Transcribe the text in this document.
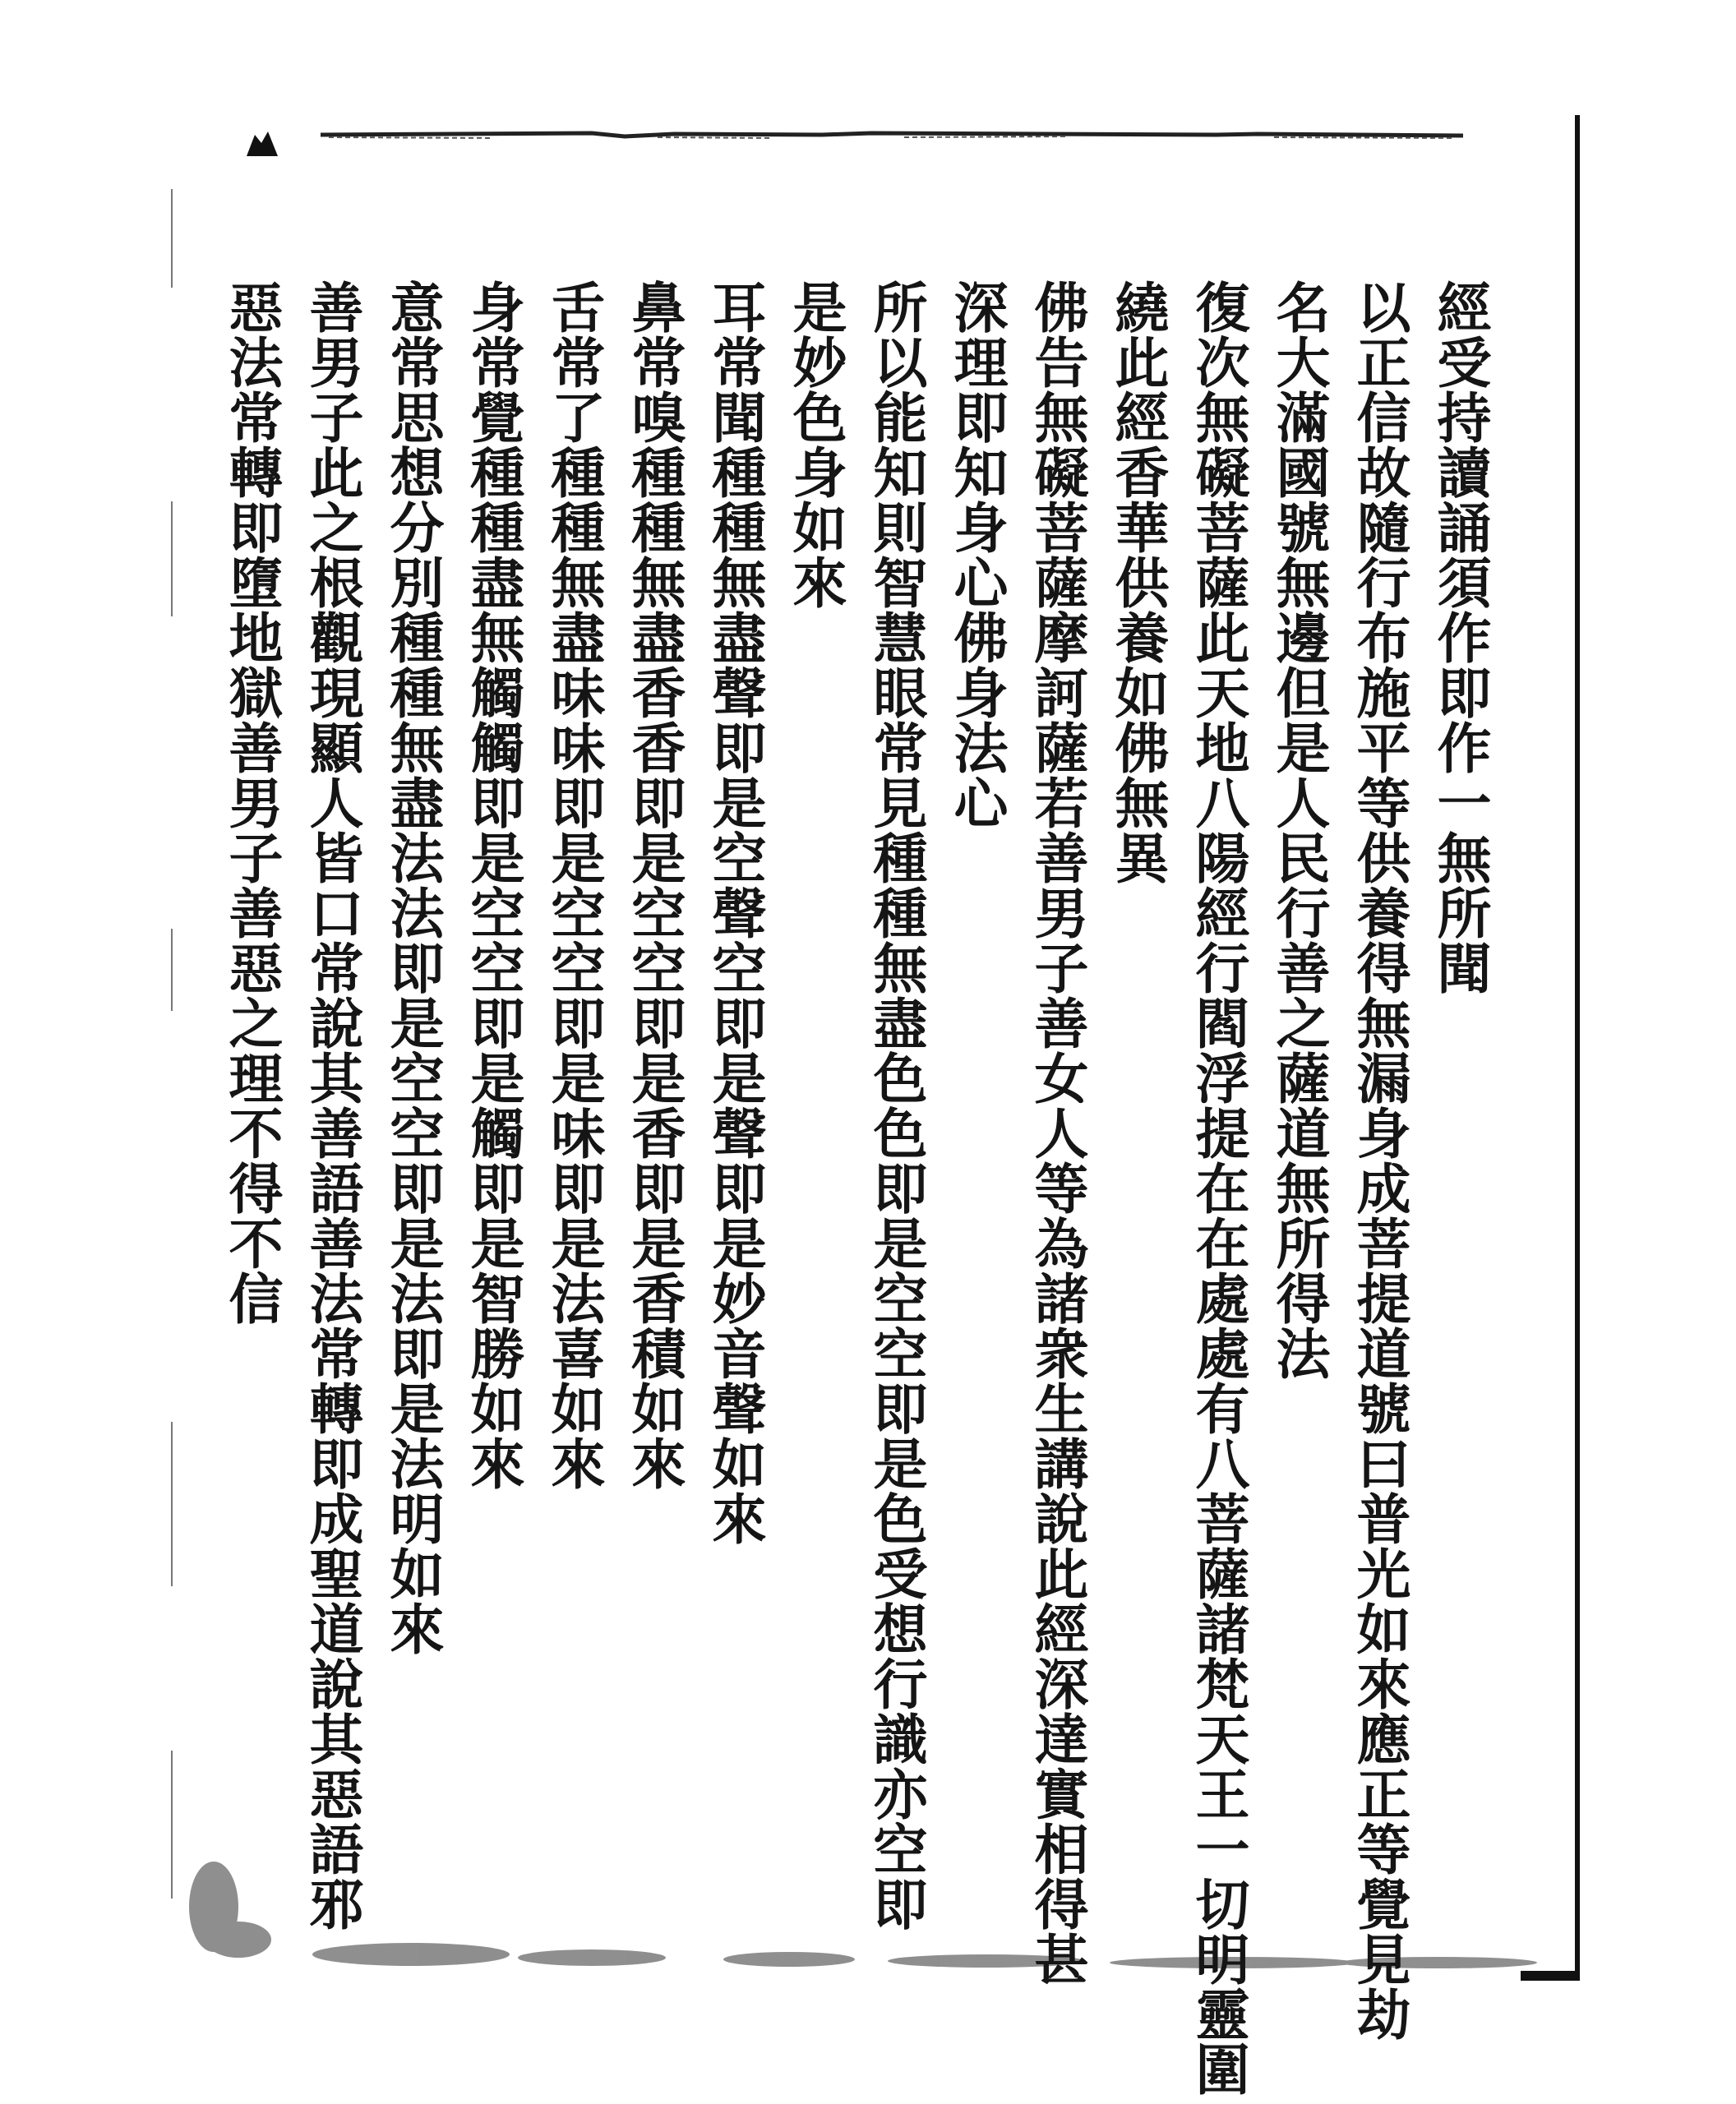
經受持讀誦須作即作一無所聞
以正信故隨行布施平等供養得無漏身成菩提道號曰普光如來應正等覺見劫
名大滿國號無邊但是人民行善之薩道無所得法
復次無礙菩薩此天地八陽經行閻浮提在在處處有八菩薩諸梵天王一切明靈圍
繞此經香華供養如佛無異
佛告無礙菩薩摩訶薩若善男子善女人等為諸衆生講說此經深達實相得甚
深理即知身心佛身法心
所以能知則智慧眼常見種種無盡色色即是空空即是色受想行識亦空即
是妙色身如來
耳常聞種種無盡聲即是空聲空即是聲即是妙音聲如來
鼻常嗅種種無盡香香即是空空即是香即是香積如來
舌常了種種無盡味味即是空空即是味即是法喜如來
身常覺種種盡無觸觸即是空空即是觸即是智勝如來
意常思想分別種種無盡法法即是空空即是法即是法明如來
善男子此之根觀現顯人皆口常說其善語善法常轉即成聖道說其惡語邪
惡法常轉即墮地獄善男子善惡之理不得不信
